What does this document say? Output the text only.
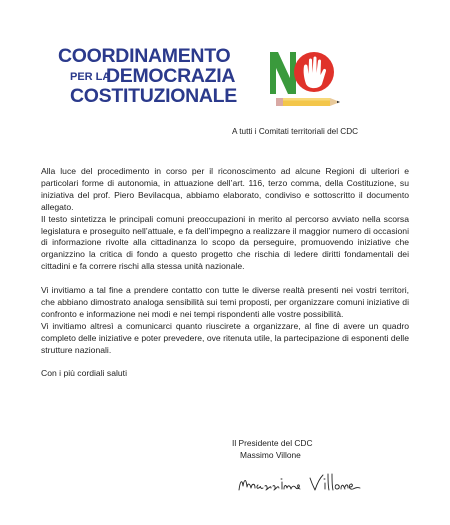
COORDINAMENTO
PER LA
DEMOCRAZIA
COSTITUZIONALE
A tutti i Comitati territoriali del CDC

Alla luce del procedimento in corso per il riconoscimento ad alcune Regioni di ulteriori e particolari forme di autonomia, in attuazione dell’art. 116, terzo comma, della Costituzione, su iniziativa del prof. Piero Bevilacqua, abbiamo elaborato, condiviso e sottoscritto il documento allegato.

Il testo sintetizza le principali comuni preoccupazioni in merito al percorso avviato nella scorsa legislatura e proseguito nell’attuale, e fa dell’impegno a realizzare il maggior numero di occasioni di informazione rivolte alla cittadinanza lo scopo da perseguire, promuovendo iniziative che organizzino la critica di fondo a questo progetto che rischia di ledere diritti fondamentali dei cittadini e fa correre rischi alla stessa unità nazionale.

Vi invitiamo a tal fine a prendere contatto con tutte le diverse realtà presenti nei vostri territori, che abbiano dimostrato analoga sensibilità sui temi proposti, per organizzare comuni iniziative di confronto e informazione nei modi e nei tempi rispondenti alle vostre possibilità.

Vi invitiamo altresì a comunicarci quanto riuscirete a organizzare, al fine di avere un quadro completo delle iniziative e poter prevedere, ove ritenuta utile, la partecipazione di esponenti delle strutture nazionali.

Con i più cordiali saluti

Il Presidente del CDC
Massimo Villone
